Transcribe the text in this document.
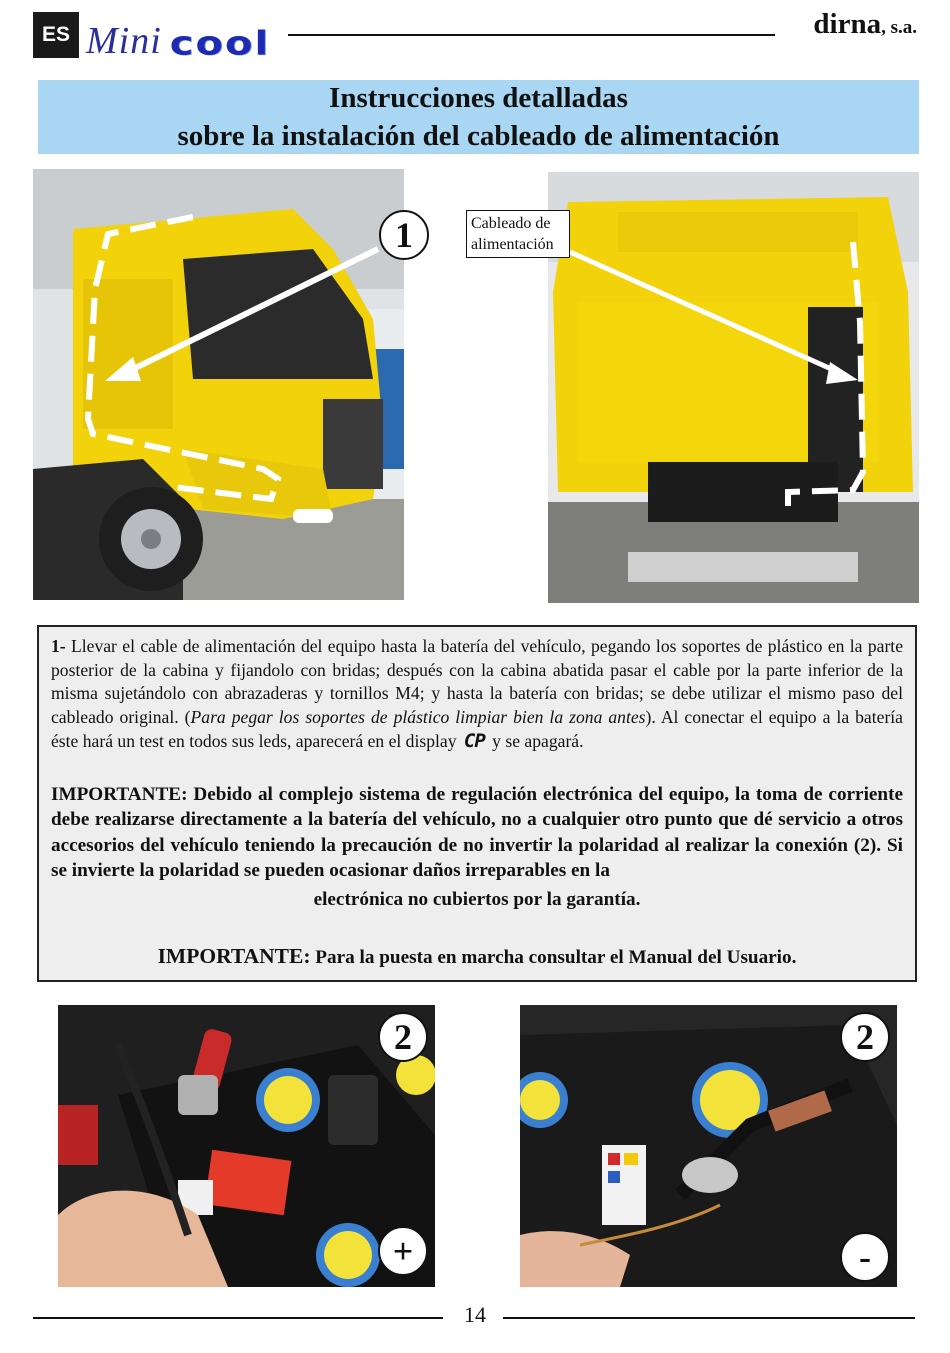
ES Mini cool
dirna, s.a.
Instrucciones detalladas
sobre la instalación del cableado de alimentación
1	Cableado de
alimentación
1- Llevar el cable de alimentación del equipo hasta la batería del vehículo, pegando los soportes de plástico en la parte posterior de la cabina y fijandolo con bridas; después con la cabina abatida pasar el cable por la parte inferior de la misma sujetándolo con abrazaderas y tornillos M4; y hasta la batería con bridas; se debe utilizar el mismo paso del cableado original. (Para pegar los soportes de plástico limpiar bien la zona antes). Al conectar el equipo a la batería éste hará un test en todos sus leds, aparecerá en el display CP y se apagará.
IMPORTANTE: Debido al complejo sistema de regulación electrónica del equipo, la toma de corriente debe realizarse directamente a la batería del vehículo, no a cualquier otro punto que dé servicio a otros accesorios del vehículo teniendo la precaución de no invertir la polaridad al realizar la conexión (2). Si se invierte la polaridad se pueden ocasionar daños irreparables en la
electrónica no cubiertos por la garantía.
IMPORTANTE: Para la puesta en marcha consultar el Manual del Usuario.
2
+
2
-
14
